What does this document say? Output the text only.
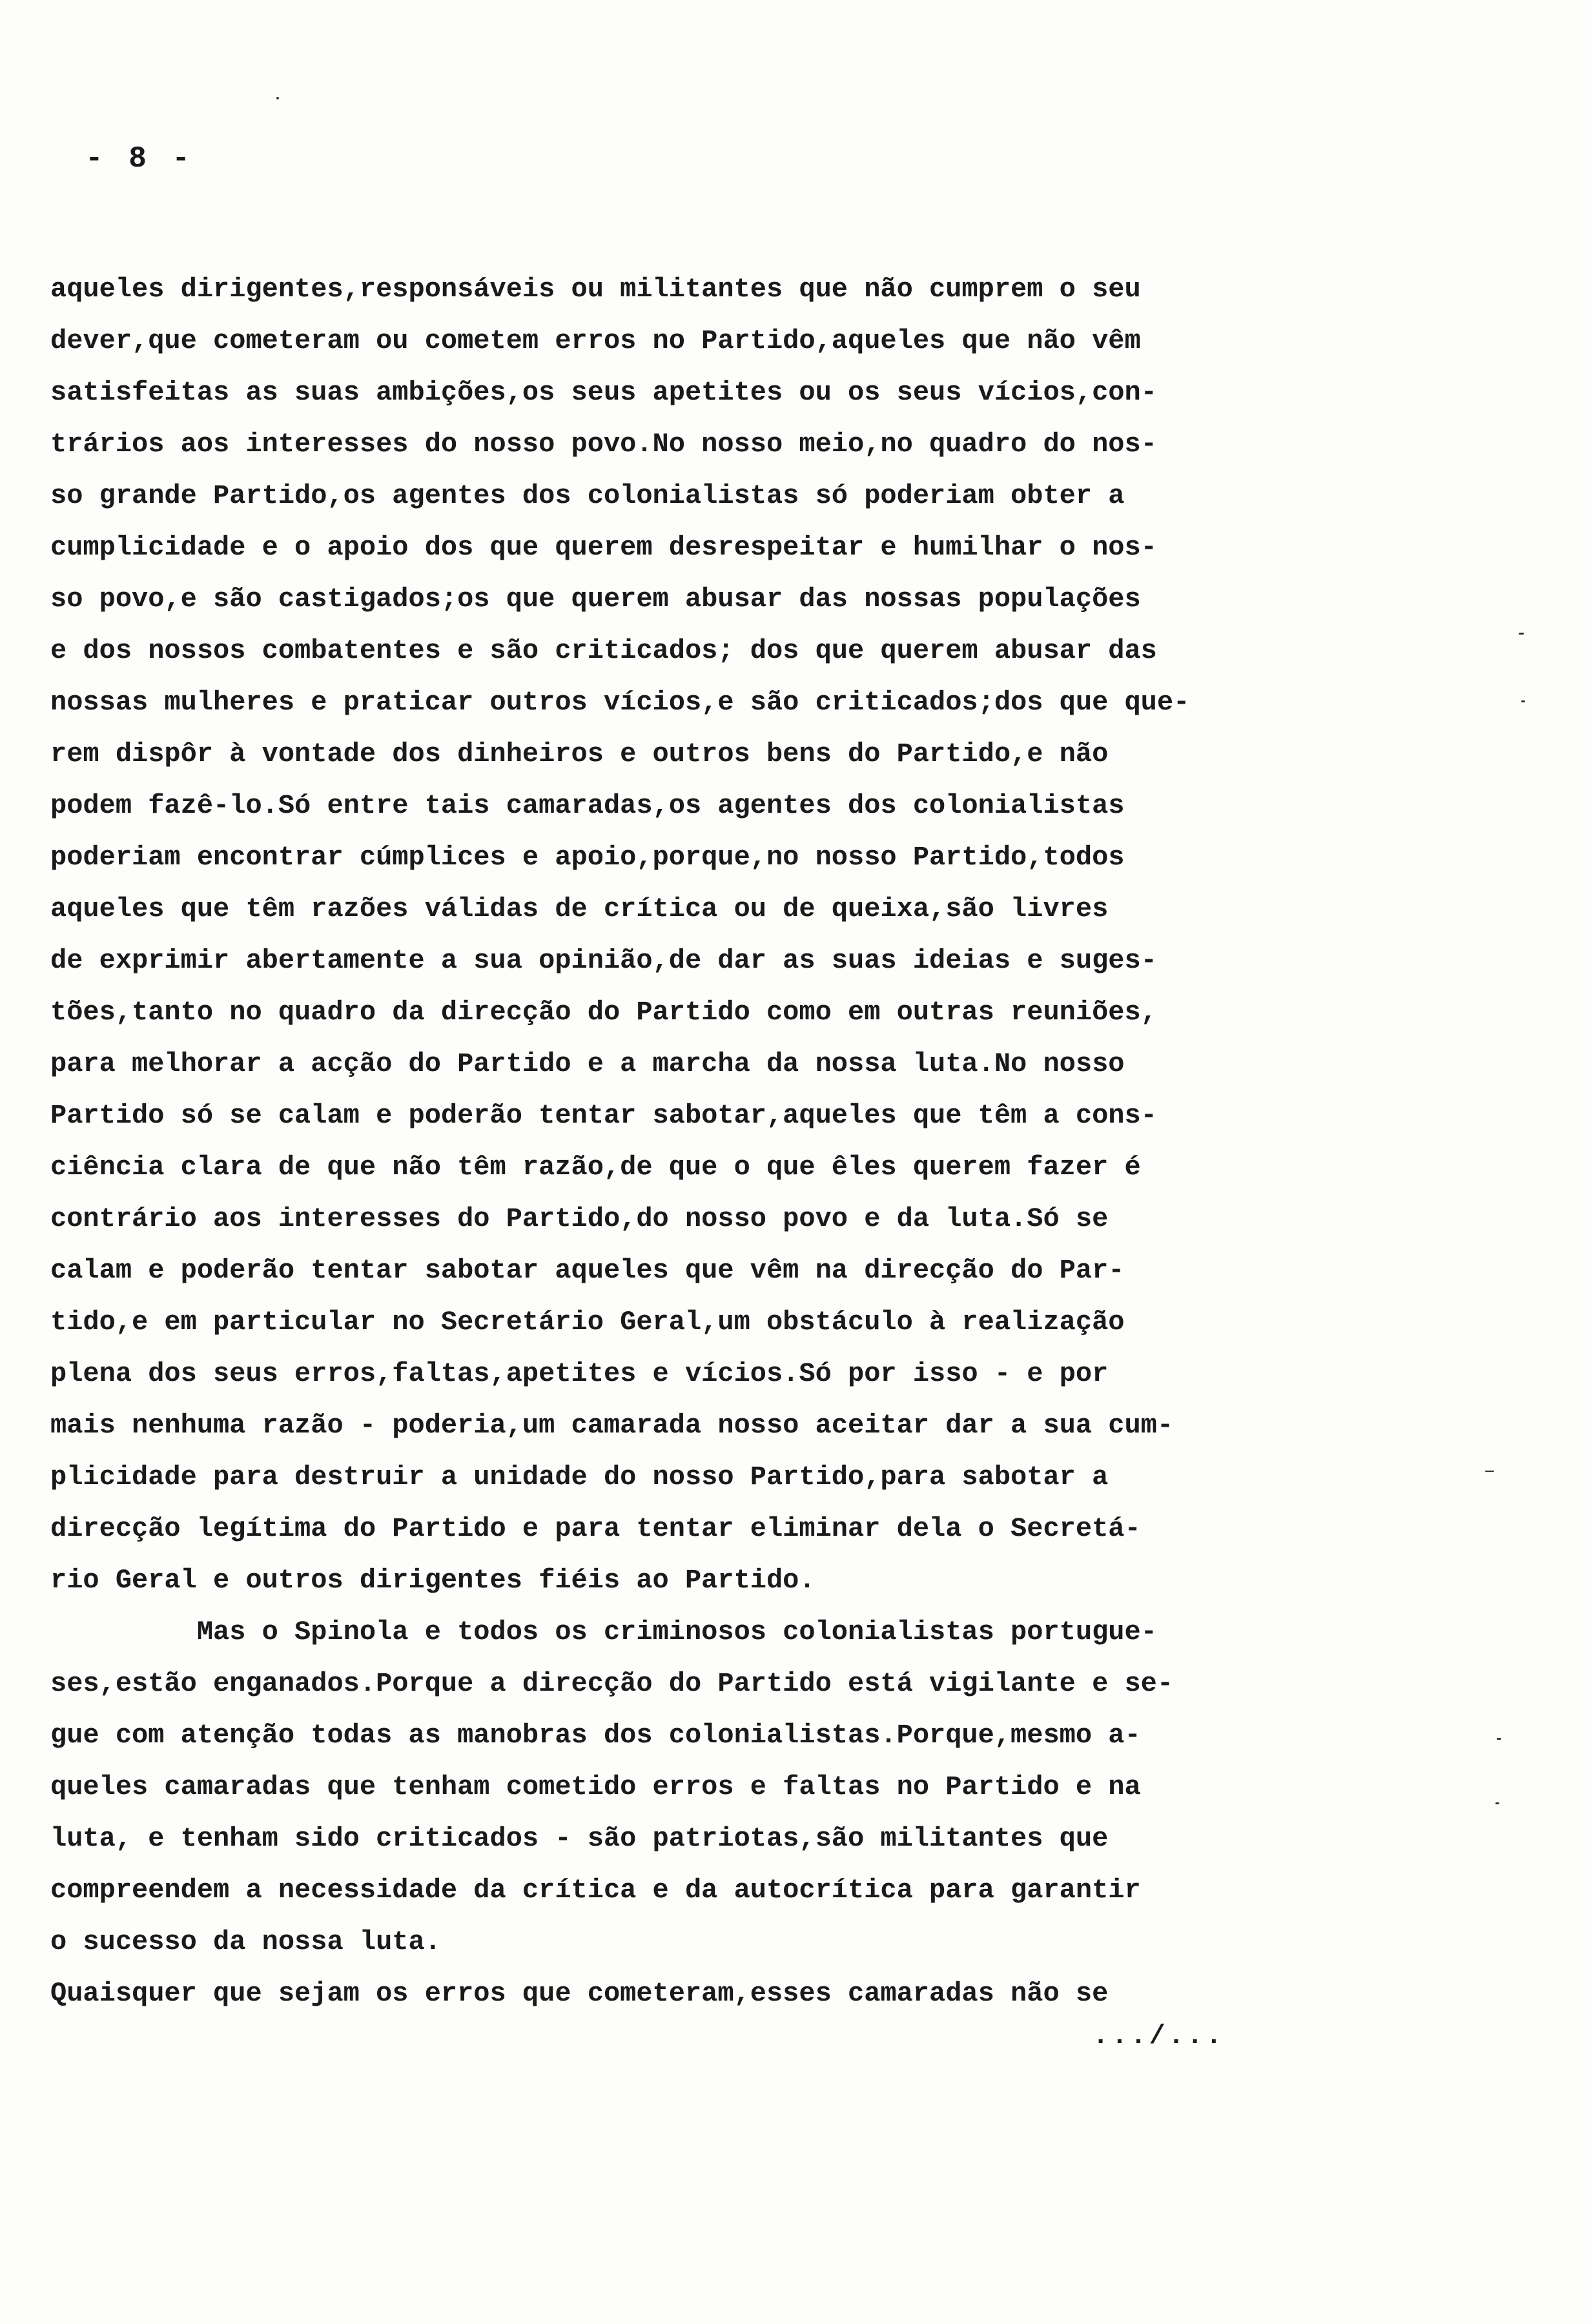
- 8 -
aqueles dirigentes,responsáveis ou militantes que não cumprem o seu
dever,que cometeram ou cometem erros no Partido,aqueles que não vêm
satisfeitas as suas ambições,os seus apetites ou os seus vícios,con-
trários aos interesses do nosso povo.No nosso meio,no quadro do nos-
so grande Partido,os agentes dos colonialistas só poderiam obter a
cumplicidade e o apoio dos que querem desrespeitar e humilhar o nos-
so povo,e são castigados;os que querem abusar das nossas populações
e dos nossos combatentes e são criticados; dos que querem abusar das
nossas mulheres e praticar outros vícios,e são criticados;dos que que-
rem dispôr à vontade dos dinheiros e outros bens do Partido,e não
podem fazê-lo.Só entre tais camaradas,os agentes dos colonialistas
poderiam encontrar cúmplices e apoio,porque,no nosso Partido,todos
aqueles que têm razões válidas de crítica ou de queixa,são livres
de exprimir abertamente a sua opinião,de dar as suas ideias e suges-
tões,tanto no quadro da direcção do Partido como em outras reuniões,
para melhorar a acção do Partido e a marcha da nossa luta.No nosso
Partido só se calam e poderão tentar sabotar,aqueles que têm a cons-
ciência clara de que não têm razão,de que o que êles querem fazer é
contrário aos interesses do Partido,do nosso povo e da luta.Só se
calam e poderão tentar sabotar aqueles que vêm na direcção do Par-
tido,e em particular no Secretário Geral,um obstáculo à realização
plena dos seus erros,faltas,apetites e vícios.Só por isso - e por
mais nenhuma razão - poderia,um camarada nosso aceitar dar a sua cum-
plicidade para destruir a unidade do nosso Partido,para sabotar a
direcção legítima do Partido e para tentar eliminar dela o Secretá-
rio Geral e outros dirigentes fiéis ao Partido.
Mas o Spinola e todos os criminosos colonialistas portugue-
ses,estão enganados.Porque a direcção do Partido está vigilante e se-
gue com atenção todas as manobras dos colonialistas.Porque,mesmo a-
queles camaradas que tenham cometido erros e faltas no Partido e na
luta, e tenham sido criticados - são patriotas,são militantes que
compreendem a necessidade da crítica e da autocrítica para garantir
o sucesso da nossa luta.
Quaisquer que sejam os erros que cometeram,esses camaradas não se
.../...
